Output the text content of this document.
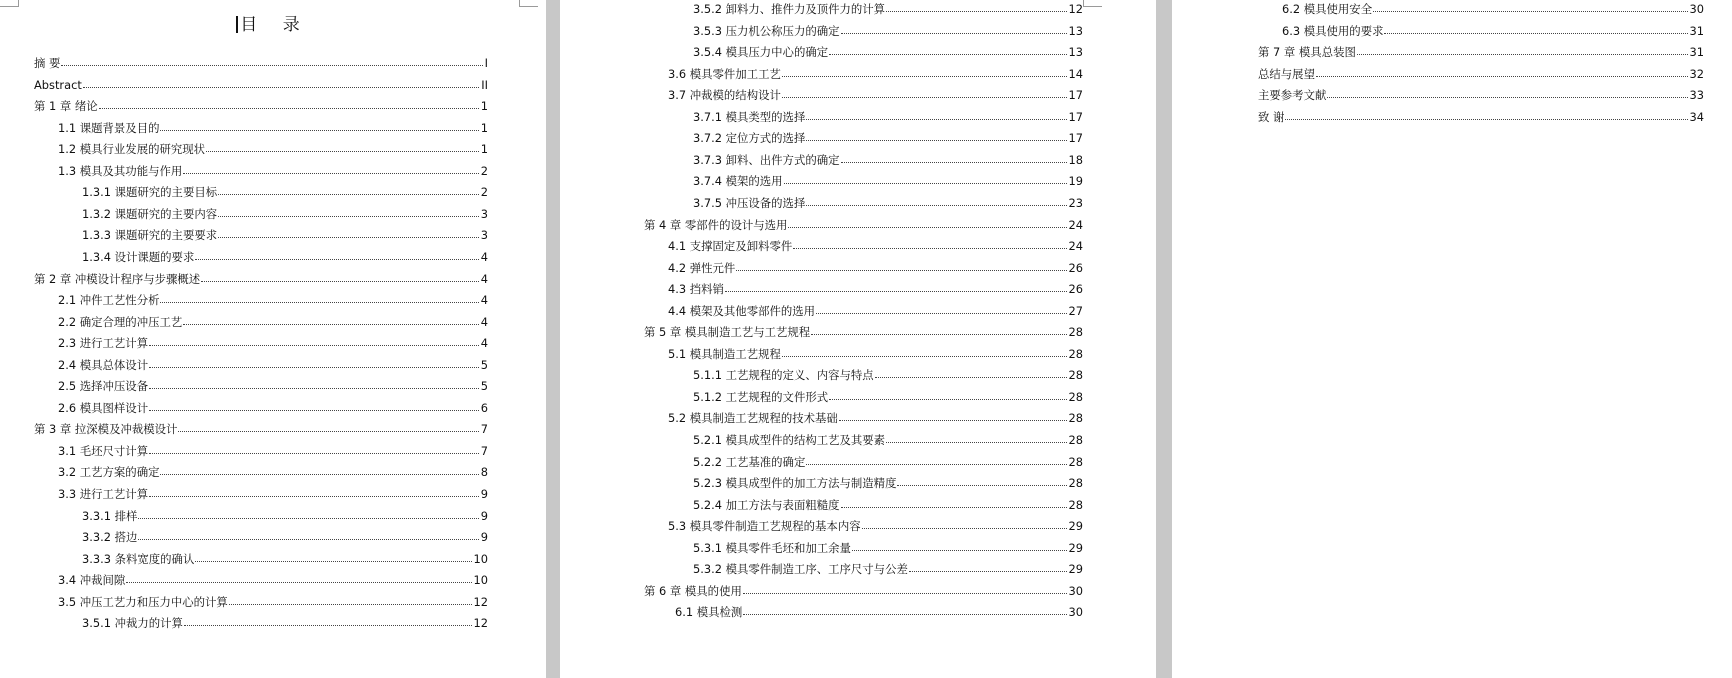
目 录
摘 要	I
Abstract	II
第 1 章 绪论	1
1.1 课题背景及目的	1
1.2 模具行业发展的研究现状	1
1.3 模具及其功能与作用	2
1.3.1 课题研究的主要目标	2
1.3.2 课题研究的主要内容	3
1.3.3 课题研究的主要要求	3
1.3.4 设计课题的要求	4
第 2 章 冲模设计程序与步骤概述	4
2.1 冲件工艺性分析	4
2.2 确定合理的冲压工艺	4
2.3 进行工艺计算	4
2.4 模具总体设计	5
2.5 选择冲压设备	5
2.6 模具图样设计	6
第 3 章 拉深模及冲裁模设计	7
3.1 毛坯尺寸计算	7
3.2 工艺方案的确定	8
3.3 进行工艺计算	9
3.3.1 排样	9
3.3.2 搭边	9
3.3.3 条料宽度的确认	10
3.4 冲裁间隙	10
3.5 冲压工艺力和压力中心的计算	12
3.5.1 冲裁力的计算	12
3.5.2 卸料力、推件力及顶件力的计算	12
3.5.3 压力机公称压力的确定	13
3.5.4 模具压力中心的确定	13
3.6 模具零件加工工艺	14
3.7 冲裁模的结构设计	17
3.7.1 模具类型的选择	17
3.7.2 定位方式的选择	17
3.7.3 卸料、出件方式的确定	18
3.7.4 模架的选用	19
3.7.5 冲压设备的选择	23
第 4 章 零部件的设计与选用	24
4.1 支撑固定及卸料零件	24
4.2 弹性元件	26
4.3 挡料销	26
4.4 模架及其他零部件的选用	27
第 5 章 模具制造工艺与工艺规程	28
5.1 模具制造工艺规程	28
5.1.1 工艺规程的定义、内容与特点	28
5.1.2 工艺规程的文件形式	28
5.2 模具制造工艺规程的技术基础	28
5.2.1 模具成型件的结构工艺及其要素	28
5.2.2 工艺基准的确定	28
5.2.3 模具成型件的加工方法与制造精度	28
5.2.4 加工方法与表面粗糙度	28
5.3 模具零件制造工艺规程的基本内容	29
5.3.1 模具零件毛坯和加工余量	29
5.3.2 模具零件制造工序、工序尺寸与公差	29
第 6 章 模具的使用	30
6.1 模具检测	30
6.2 模具使用安全	30
6.3 模具使用的要求	31
第 7 章 模具总装图	31
总结与展望	32
主要参考文献	33
致 谢	34
